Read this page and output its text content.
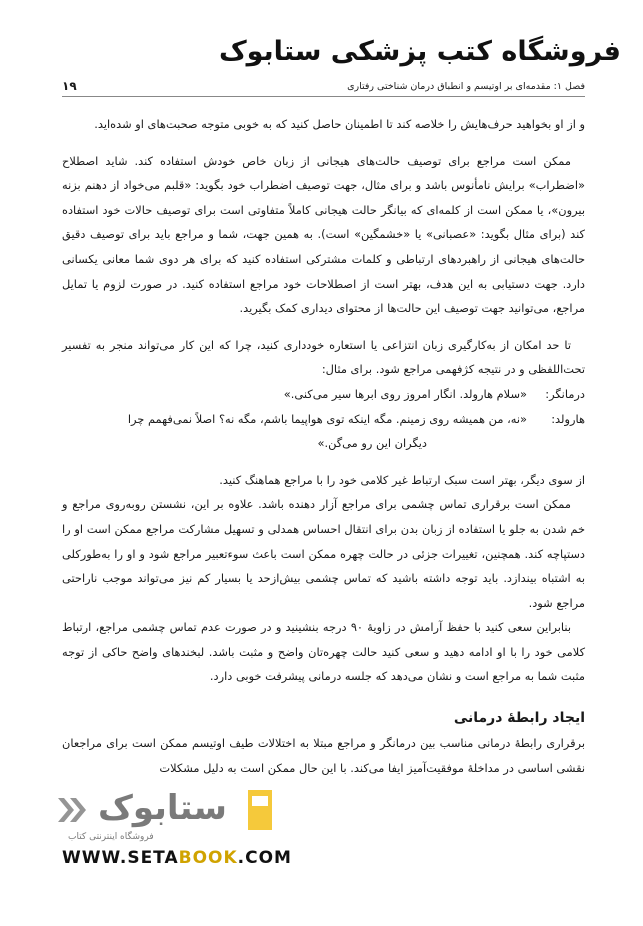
فروشگاه کتب پزشکی ستابوک
۱۹	فصل ۱: مقدمه‌ای بر اوتیسم و انطباق درمان شناختی رفتاری

و از او بخواهید حرف‌هایش را خلاصه کند تا اطمینان حاصل کنید که به خوبی متوجه صحبت‌های او شده‌اید.

ممکن است مراجع برای توصیف حالت‌های هیجانی از زبان خاص خودش استفاده کند. شاید اصطلاح «اضطراب» برایش نامأنوس باشد و برای مثال، جهت توصیف اضطراب خود بگوید: «قلبم می‌خواد از دهنم بزنه بیرون»، یا ممکن است از کلمه‌ای که بیانگر حالت هیجانی کاملاً متفاوتی است برای توصیف حالات خود استفاده کند (برای مثال بگوید: «عصبانی» یا «خشمگین» است). به همین جهت، شما و مراجع باید برای توصیف دقیق حالت‌های هیجانی از راهبردهای ارتباطی و کلمات مشترکی استفاده کنید که برای هر دوی شما معانی یکسانی دارد. جهت دستیابی به این هدف، بهتر است از اصطلاحات خود مراجع استفاده کنید. در صورت لزوم یا تمایل مراجع، می‌توانید جهت توصیف این حالت‌ها از محتوای دیداری کمک بگیرید.

تا حد امکان از به‌کارگیری زبان انتزاعی یا استعاره خودداری کنید، چرا که این کار می‌تواند منجر به تفسیر تحت‌اللفظی و در نتیجه کژفهمی مراجع شود. برای مثال:

درمانگر:
«سلام هارولد. انگار امروز روی ابرها سیر می‌کنی.»
هارولد:
«نه، من همیشه روی زمینم. مگه اینکه توی هواپیما باشم، مگه نه؟ اصلاً نمی‌فهمم چرا
دیگران این رو می‌گن.»

از سوی دیگر، بهتر است سبک ارتباط غیر کلامی خود را با مراجع هماهنگ کنید.

ممکن است برقراری تماس چشمی برای مراجع آزار دهنده باشد. علاوه بر این، نشستن روبه‌روی مراجع و خم شدن به جلو یا استفاده از زبان بدن برای انتقال احساس همدلی و تسهیل مشارکت مراجع ممکن است او را دستپاچه کند. همچنین، تغییرات جزئی در حالت چهره ممکن است باعث سوءتعبیر مراجع شود و او را به‌طورکلی به اشتباه بیندازد. باید توجه داشته باشید که تماس چشمی بیش‌ازحد یا بسیار کم نیز می‌تواند موجب ناراحتی مراجع شود.

بنابراین سعی کنید با حفظ آرامش در زاویهٔ ۹۰ درجه بنشینید و در صورت عدم تماس چشمی مراجع، ارتباط کلامی خود را با او ادامه دهید و سعی کنید حالت چهره‌تان واضح و مثبت باشد. لبخندهای واضح حاکی از توجه مثبت شما به مراجع است و نشان می‌دهد که جلسه درمانی پیشرفت خوبی دارد.

ایجاد رابطهٔ درمانی

برقراری رابطهٔ درمانی مناسب بین درمانگر و مراجع مبتلا به اختلالات طیف اوتیسم ممکن است برای مراجعان نقشی اساسی در مداخلهٔ موفقیت‌آمیز ایفا می‌کند. با این حال ممکن است به دلیل مشکلات

ستابوک
فروشگاه اینترنتی کتاب
WWW.SETABOOK.COM
